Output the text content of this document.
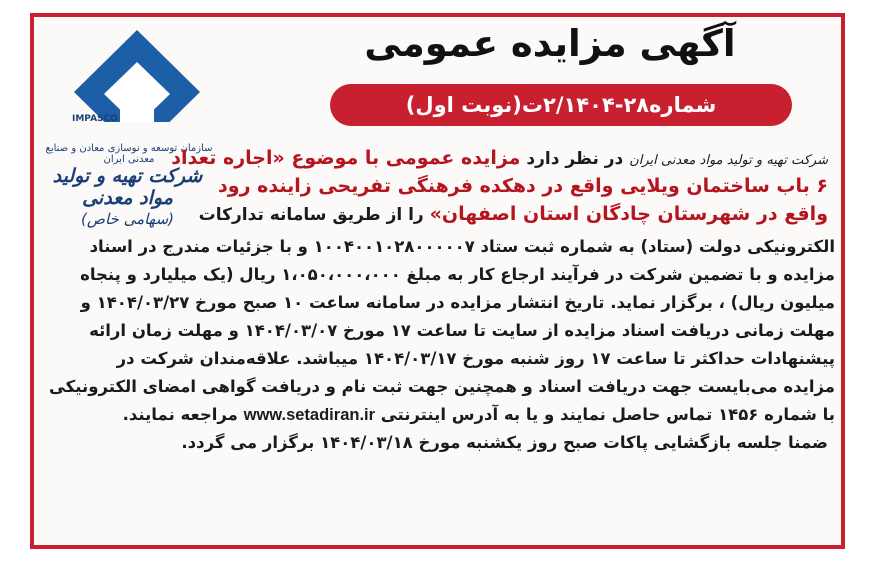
آگهی مزایده عمومی
شماره۲۸-۲/۱۴۰۴ت(نوبت اول)
IMPASCO
سازمان توسعه و نوسازی معادن و صنایع معدنی ایران
شرکت تهیه و تولید مواد معدنی
(سهامی خاص)
شرکت تهیه و تولید مواد معدنی ایران در نظر دارد مزایده عمومی با موضوع «اجاره تعداد
۶ باب ساختمان ویلایی واقع در دهکده فرهنگی تفریحی زاینده رود
واقع در شهرستان چادگان استان اصفهان» را از طریق سامانه تدارکات
الکترونیکی دولت (ستاد) به شماره ثبت ستاد ۱۰۰۴۰۰۱۰۲۸۰۰۰۰۰۷ و با جزئیات مندرج در اسناد
مزایده و با تضمین شرکت در فرآیند ارجاع کار به مبلغ ۱،۰۵۰،۰۰۰،۰۰۰ ریال (یک میلیارد و پنجاه
میلیون ریال) ، برگزار نماید. تاریخ انتشار مزایده در سامانه ساعت ۱۰ صبح مورخ ۱۴۰۴/۰۳/۲۷ و
مهلت زمانی دریافت اسناد مزایده از سایت تا ساعت ۱۷ مورخ ۱۴۰۴/۰۳/۰۷ و مهلت زمان ارائه
پیشنهادات حداکثر تا ساعت ۱۷ روز شنبه مورخ ۱۴۰۴/۰۳/۱۷ میباشد. علاقه‌مندان شرکت در
مزایده می‌بایست جهت دریافت اسناد و همچنین جهت ثبت نام و دریافت گواهی امضای الکترونیکی
با شماره ۱۴۵۶ تماس حاصل نمایند و یا به آدرس اینترنتی www.setadiran.ir مراجعه نمایند.
ضمنا جلسه بازگشایی پاکات صبح روز یکشنبه مورخ ۱۴۰۴/۰۳/۱۸ برگزار می گردد.
